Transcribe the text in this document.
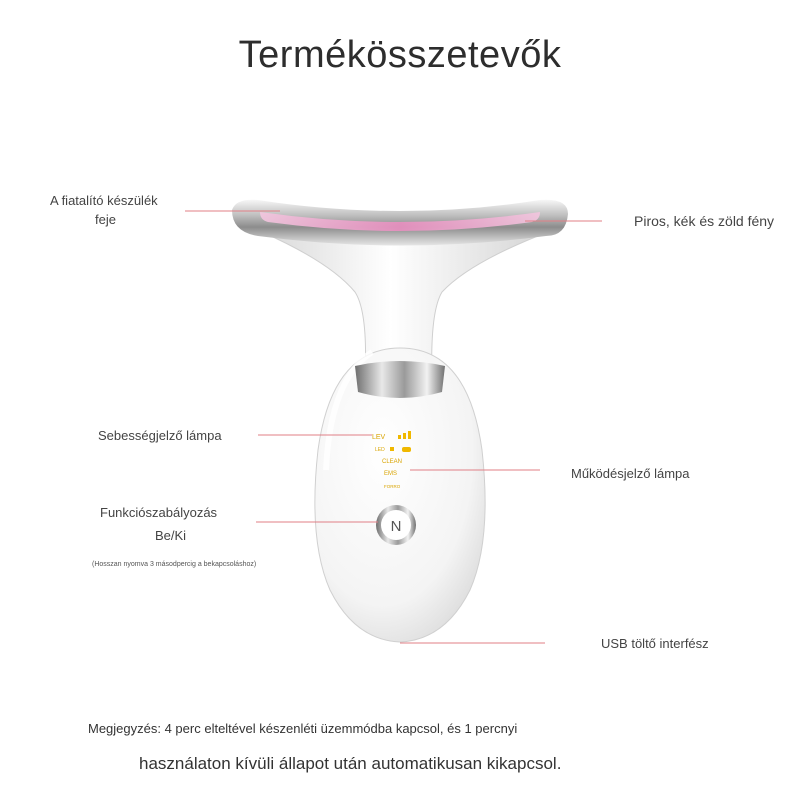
Termékösszetevők
LEV
LED
CLEAN
EMS
FORRO
N
A fiatalító készülék
feje	Piros, kék és zöld fény
Sebességjelző lámpa
Működésjelző lámpa
Funkciószabályozás
Be/Ki
(Hosszan nyomva 3 másodpercig a bekapcsoláshoz)
USB töltő interfész
Megjegyzés: 4 perc elteltével készenléti üzemmódba kapcsol, és 1 percnyi
használaton kívüli állapot után automatikusan kikapcsol.
